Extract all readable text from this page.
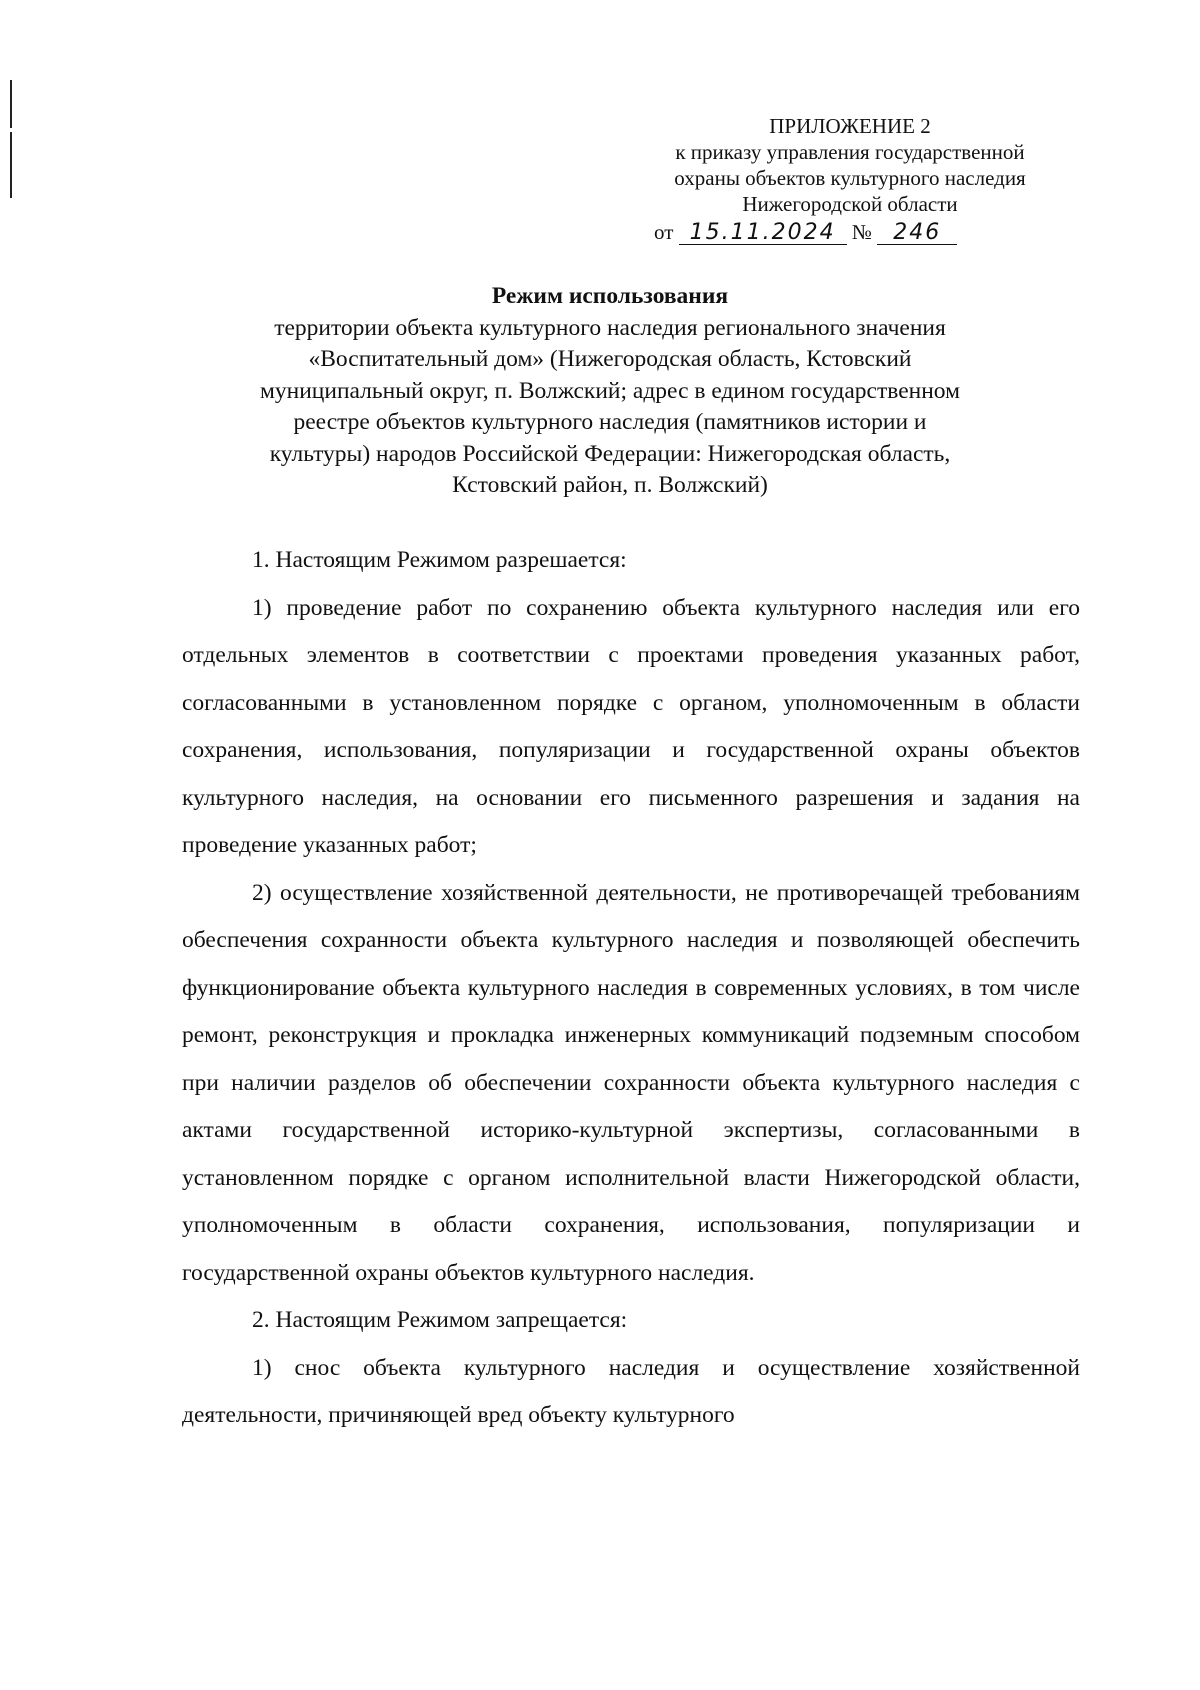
ПРИЛОЖЕНИЕ 2
к приказу управления государственной
охраны объектов культурного наследия
Нижегородской области
от 15.11.2024 № 246
Режим использования
территории объекта культурного наследия регионального значения
«Воспитательный дом» (Нижегородская область, Кстовский
муниципальный округ, п. Волжский; адрес в едином государственном
реестре объектов культурного наследия (памятников истории и
культуры) народов Российской Федерации: Нижегородская область,
Кстовский район, п. Волжский)

1. Настоящим Режимом разрешается:

1) проведение работ по сохранению объекта культурного наследия или его отдельных элементов в соответствии с проектами проведения указанных работ, согласованными в установленном порядке с органом, уполномоченным в области сохранения, использования, популяризации и государственной охраны объектов культурного наследия, на основании его письменного разрешения и задания на проведение указанных работ;

2) осуществление хозяйственной деятельности, не противоречащей требованиям обеспечения сохранности объекта культурного наследия и позволяющей обеспечить функционирование объекта культурного наследия в современных условиях, в том числе ремонт, реконструкция и прокладка инженерных коммуникаций подземным способом при наличии разделов об обеспечении сохранности объекта культурного наследия с актами государственной историко-культурной экспертизы, согласованными в установленном порядке с органом исполнительной власти Нижегородской области, уполномоченным в области сохранения, использования, популяризации и государственной охраны объектов культурного наследия.

2. Настоящим Режимом запрещается:

1) снос объекта культурного наследия и осуществление хозяйственной деятельности, причиняющей вред объекту культурного
